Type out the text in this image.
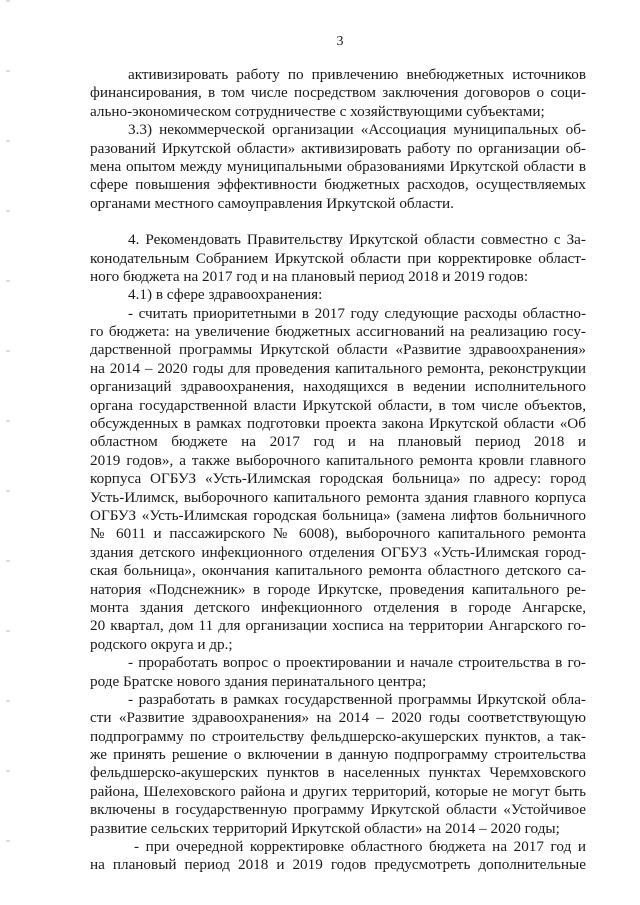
3

активизировать работу по привлечению внебюджетных источников
финансирования, в том числе посредством заключения договоров о соци-
ально-экономическом сотрудничестве с хозяйствующими субъектами;

3.3) некоммерческой организации «Ассоциация муниципальных об-
разований Иркутской области» активизировать работу по организации об-
мена опытом между муниципальными образованиями Иркутской области в
сфере повышения эффективности бюджетных расходов, осуществляемых
органами местного самоуправления Иркутской области.

4. Рекомендовать Правительству Иркутской области совместно с За-
конодательным Собранием Иркутской области при корректировке област-
ного бюджета на 2017 год и на плановый период 2018 и 2019 годов:

4.1) в сфере здравоохранения:

- считать приоритетными в 2017 году следующие расходы областно-
го бюджета: на увеличение бюджетных ассигнований на реализацию госу-
дарственной программы Иркутской области «Развитие здравоохранения»
на 2014 – 2020 годы для проведения капитального ремонта, реконструкции
организаций здравоохранения, находящихся в ведении исполнительного
органа государственной власти Иркутской области, в том числе объектов,
обсужденных в рамках подготовки проекта закона Иркутской области «Об
областном бюджете на 2017 год и на плановый период 2018 и
2019 годов», а также выборочного капитального ремонта кровли главного
корпуса ОГБУЗ «Усть-Илимская городская больница» по адресу: город
Усть-Илимск, выборочного капитального ремонта здания главного корпуса
ОГБУЗ «Усть-Илимская городская больница» (замена лифтов больничного
№ 6011 и пассажирского № 6008), выборочного капитального ремонта
здания детского инфекционного отделения ОГБУЗ «Усть-Илимская город-
ская больница», окончания капитального ремонта областного детского са-
натория «Подснежник» в городе Иркутске, проведения капитального ре-
монта здания детского инфекционного отделения в городе Ангарске,
20 квартал, дом 11 для организации хосписа на территории Ангарского го-
родского округа и др.;

- проработать вопрос о проектировании и начале строительства в го-
роде Братске нового здания перинатального центра;

- разработать в рамках государственной программы Иркутской обла-
сти «Развитие здравоохранения» на 2014 – 2020 годы соответствующую
подпрограмму по строительству фельдшерско-акушерских пунктов, а так-
же принять решение о включении в данную подпрограмму строительства
фельдшерско-акушерских пунктов в населенных пунктах Черемховского
района, Шелеховского района и других территорий, которые не могут быть
включены в государственную программу Иркутской области «Устойчивое
развитие сельских территорий Иркутской области» на 2014 – 2020 годы;

- при очередной корректировке областного бюджета на 2017 год и
на плановый период 2018 и 2019 годов предусмотреть дополнительные
